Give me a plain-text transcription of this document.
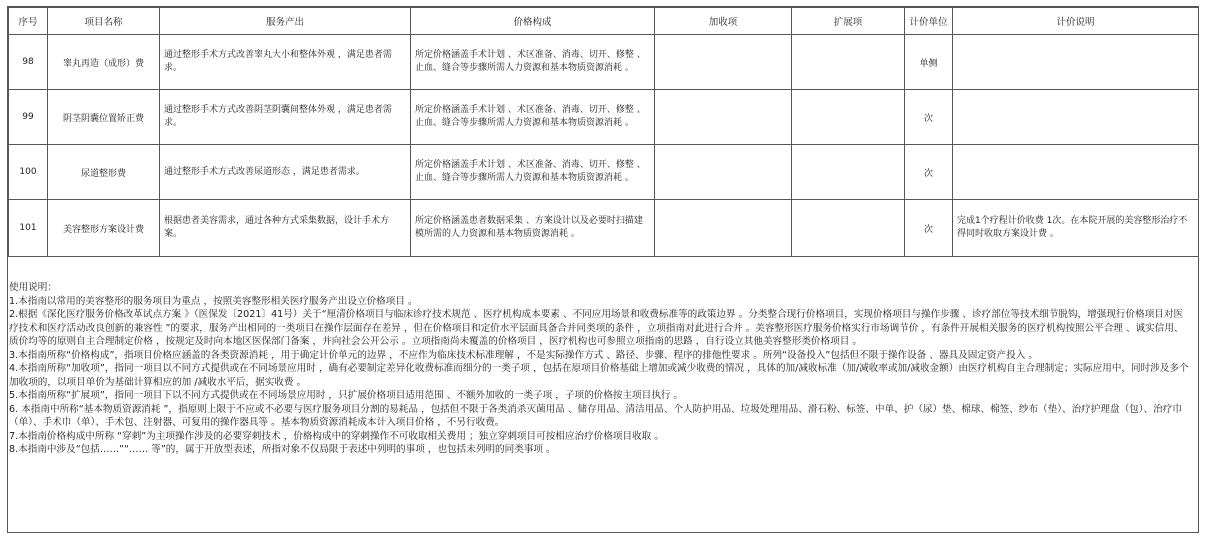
序号	项目名称	服务产出	价格构成	加收项	扩展项	计价单位	计价说明
98	睾丸再造（成形）费	通过整形手术方式改善睾丸大小和整体外观 ，满足患者需求。	所定价格涵盖手术计划 、术区准备、消毒、切开、修整 、止血、缝合等步骤所需人力资源和基本物质资源消耗 。			单侧	
99	阴茎阴囊位置矫正费	通过整形手术方式改善阴茎阴囊间整体外观 ，满足患者需求。	所定价格涵盖手术计划 、术区准备、消毒、切开、修整 、止血、缝合等步骤所需人力资源和基本物质资源消耗 。			次	
100	尿道整形费	通过整形手术方式改善尿道形态 ，满足患者需求。	所定价格涵盖手术计划 、术区准备、消毒、切开、修整 、止血、缝合等步骤所需人力资源和基本物质资源消耗 。			次	
101	美容整形方案设计费	根据患者美容需求，通过各种方式采集数据，设计手术方案。	所定价格涵盖患者数据采集 、方案设计以及必要时扫描建模所需的人力资源和基本物质资源消耗 。			次	完成1个疗程计价收费 1次。在本院开展的美容整形治疗不得同时收取方案设计费 。
使用说明：
1.本指南以常用的美容整形的服务项目为重点 ，按照美容整形相关医疗服务产出设立价格项目 。
2.根据《深化医疗服务价格改革试点方案 》（医保发〔2021〕41号）关于“厘清价格项目与临床诊疗技术规范 、医疗机构成本要素 、不同应用场景和收费标准等的政策边界 。分类整合现行价格项目，实现价格项目与操作步骤 、诊疗部位等技术细节脱钩，增强现行价格项目对医疗技术和医疗活动改良创新的兼容性 ”的要求，服务产出相同的一类项目在操作层面存在差异 ，但在价格项目和定价水平层面具备合并同类项的条件 ，立项指南对此进行合并 。美容整形医疗服务价格实行市场调节价 ，有条件开展相关服务的医疗机构按照公平合理 、诚实信用、质价均等的原则自主合理制定价格 ，按规定及时向本地区医保部门备案 ，并向社会公开公示 。立项指南尚未覆盖的价格项目 ，医疗机构也可参照立项指南的思路 ，自行设立其他美容整形类价格项目 。
3.本指南所称“价格构成”，指项目价格应涵盖的各类资源消耗 ，用于确定计价单元的边界 ，不应作为临床技术标准理解 ，不是实际操作方式 、路径、步骤、程序的排他性要求 。所列“设备投入”包括但不限于操作设备 、器具及固定资产投入 。
4.本指南所称“加收项”，指同一项目以不同方式提供或在不同场景应用时 ，确有必要制定差异化收费标准而细分的一类子项 ，包括在原项目价格基础上增加或减少收费的情况 ，具体的加/减收标准（加/减收率或加/减收金额）由医疗机构自主合理制定；实际应用中，同时涉及多个加收项的，以项目单价为基础计算相应的加 /减收水平后，据实收费 。
5.本指南所称“扩展项”，指同一项目下以不同方式提供或在不同场景应用时 ，只扩展价格项目适用范围 、不额外加收的一类子项 ，子项的价格按主项目执行 。
6. 本指南中所称“基本物质资源消耗 ”，指原则上限于不应或不必要与医疗服务项目分割的易耗品 ，包括但不限于各类消杀灭菌用品 、储存用品、清洁用品、个人防护用品、垃圾处理用品、滑石粉、标签、中单、护（尿）垫、棉球、棉签、纱布（垫）、治疗护理盘（包）、治疗巾（单）、手术巾（单）、手术包、注射器、可复用的操作器具等 。基本物质资源消耗成本计入项目价格 ，不另行收费。
7.本指南价格构成中所称 “穿刺”为主项操作涉及的必要穿刺技术 ，价格构成中的穿刺操作不可收取相关费用 ；独立穿刺项目可按相应治疗价格项目收取 。
8.本指南中涉及“包括……”“…… 等”的，属于开放型表述，所指对象不仅局限于表述中列明的事项 ，也包括未列明的同类事项 。
